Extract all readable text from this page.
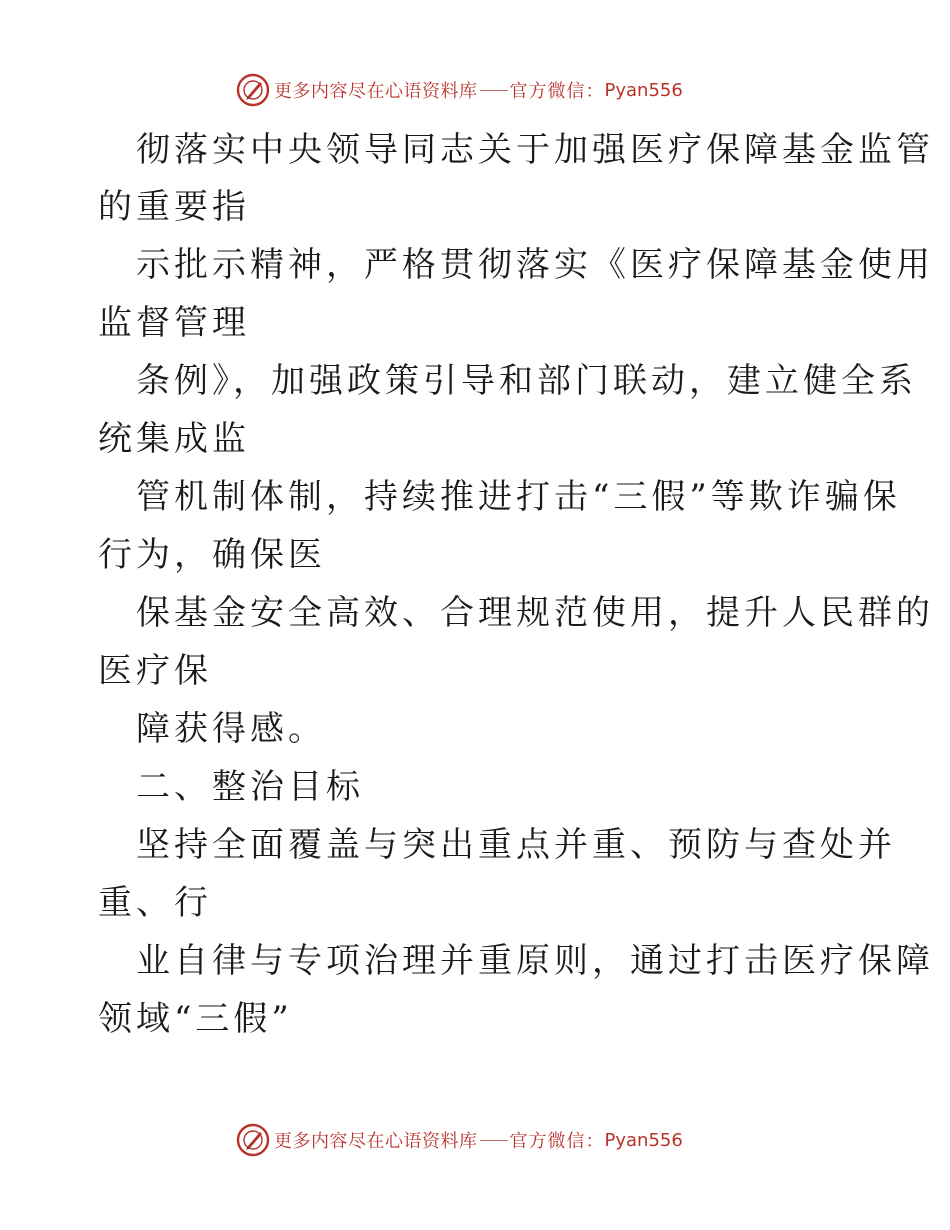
更多内容尽在心语资料库 官方微信： Pyan556
彻落实中央领导同志关于加强医疗保障基金监管
的重要指
示批示精神，严格贯彻落实《医疗保障基金使用
监督管理
条例》，加强政策引导和部门联动，建立健全系
统集成监
管机制体制，持续推进打击“三假”等欺诈骗保
行为，确保医
保基金安全高效、合理规范使用，提升人民群的
医疗保
障获得感。
二、整治目标
坚持全面覆盖与突出重点并重、预防与查处并
重、行
业自律与专项治理并重原则，通过打击医疗保障
领域“三假”
更多内容尽在心语资料库 官方微信： Pyan556
